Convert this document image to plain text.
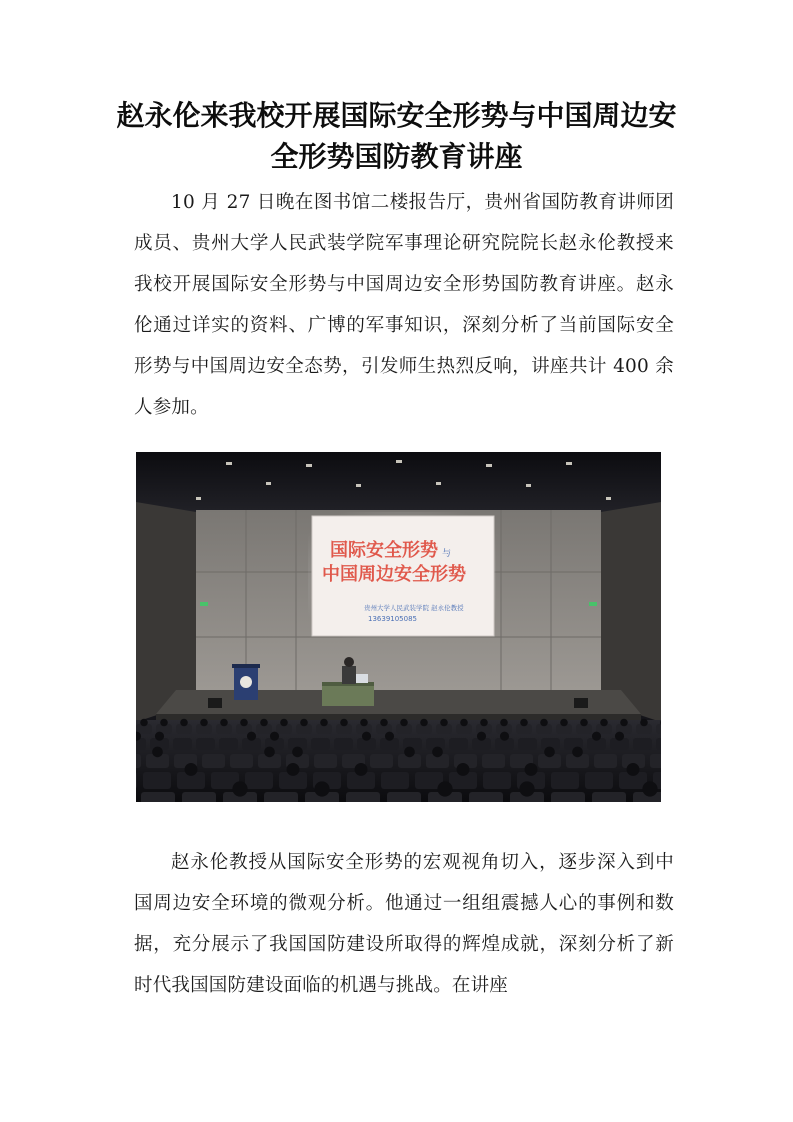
赵永伦来我校开展国际安全形势与中国周边安
全形势国防教育讲座

10 月 27 日晚在图书馆二楼报告厅，贵州省国防教育讲师团成员、贵州大学人民武装学院军事理论研究院院长赵永伦教授来我校开展国际安全形势与中国周边安全形势国防教育讲座。赵永伦通过详实的资料、广博的军事知识，深刻分析了当前国际安全形势与中国周边安全态势，引发师生热烈反响，讲座共计 400 余人参加。

国际安全形势 与
中国周边安全形势
贵州大学人民武装学院 赵永伦教授
13639105085

赵永伦教授从国际安全形势的宏观视角切入，逐步深入到中国周边安全环境的微观分析。他通过一组组震撼人心的事例和数据，充分展示了我国国防建设所取得的辉煌成就，深刻分析了新时代我国国防建设面临的机遇与挑战。在讲座
